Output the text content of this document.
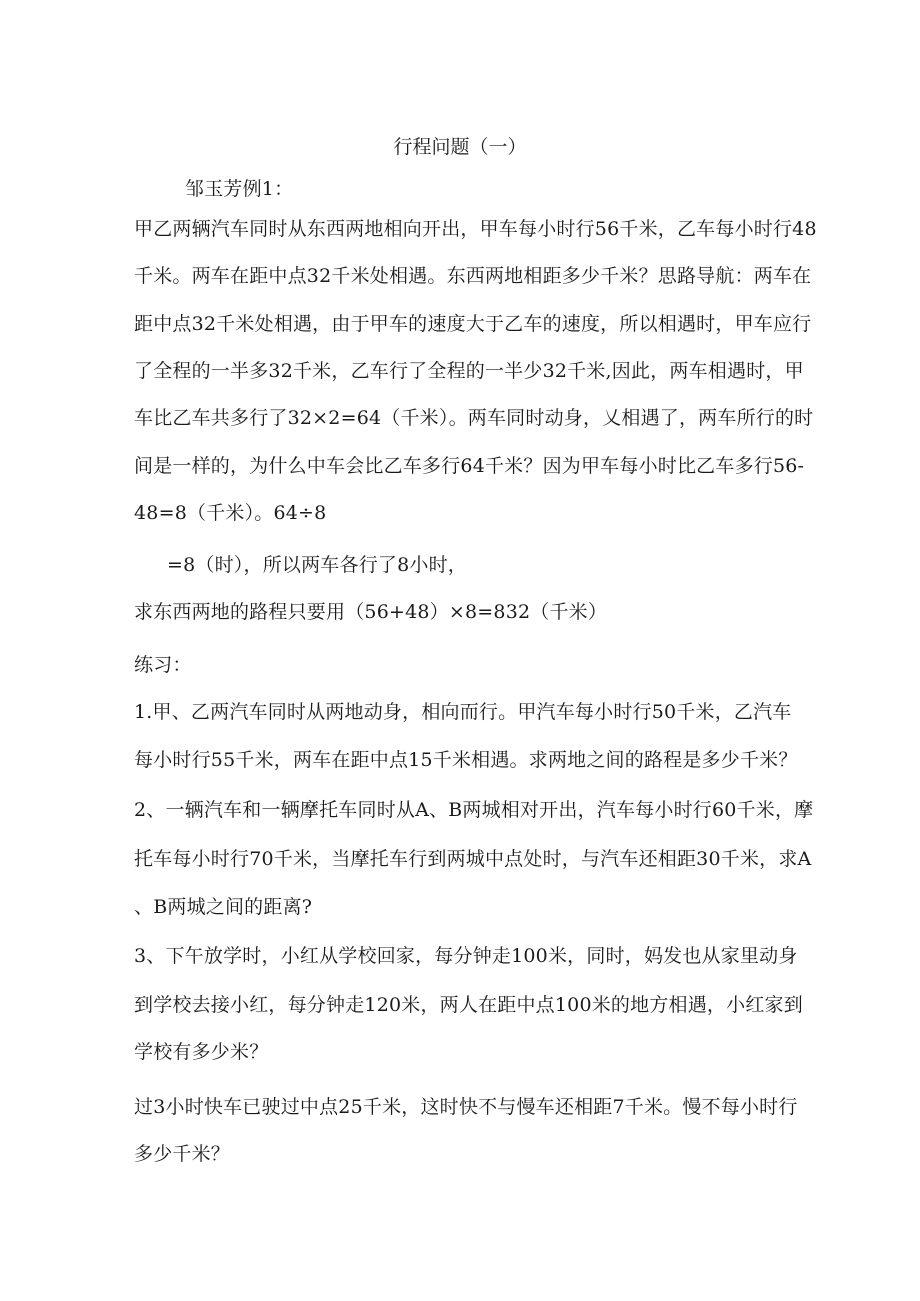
行程问题（一）
邹玉芳例1：
甲乙两辆汽车同时从东西两地相向开出，甲车每小时行56千米，乙车每小时行48
千米。两车在距中点32千米处相遇。东西两地相距多少千米？思路导航：两车在
距中点32千米处相遇，由于甲车的速度大于乙车的速度，所以相遇时，甲车应行
了全程的一半多32千米，乙车行了全程的一半少32千米,因此，两车相遇时，甲
车比乙车共多行了32×2=64（千米）。两车同时动身，乂相遇了，两车所行的时
间是一样的，为什么中车会比乙车多行64千米？因为甲车每小时比乙车多行56-
48=8（千米）。64÷8
=8（时），所以两车各行了8小时，
求东西两地的路程只要用（56+48）×8=832（千米）
练习：
1.甲、乙两汽车同时从两地动身，相向而行。甲汽车每小时行50千米，乙汽车
每小时行55千米，两车在距中点15千米相遇。求两地之间的路程是多少千米？
2、一辆汽车和一辆摩托车同时从A、B两城相对开出，汽车每小时行60千米，摩
托车每小时行70千米，当摩托车行到两城中点处时，与汽车还相距30千米，求A
、B两城之间的距离?
3、下午放学时，小红从学校回家，每分钟走100米，同时，妈发也从家里动身
到学校去接小红，每分钟走120米，两人在距中点100米的地方相遇，小红家到
学校有多少米？
过3小时快车已驶过中点25千米，这时快不与慢车还相距7千米。慢不每小时行
多少千米？
